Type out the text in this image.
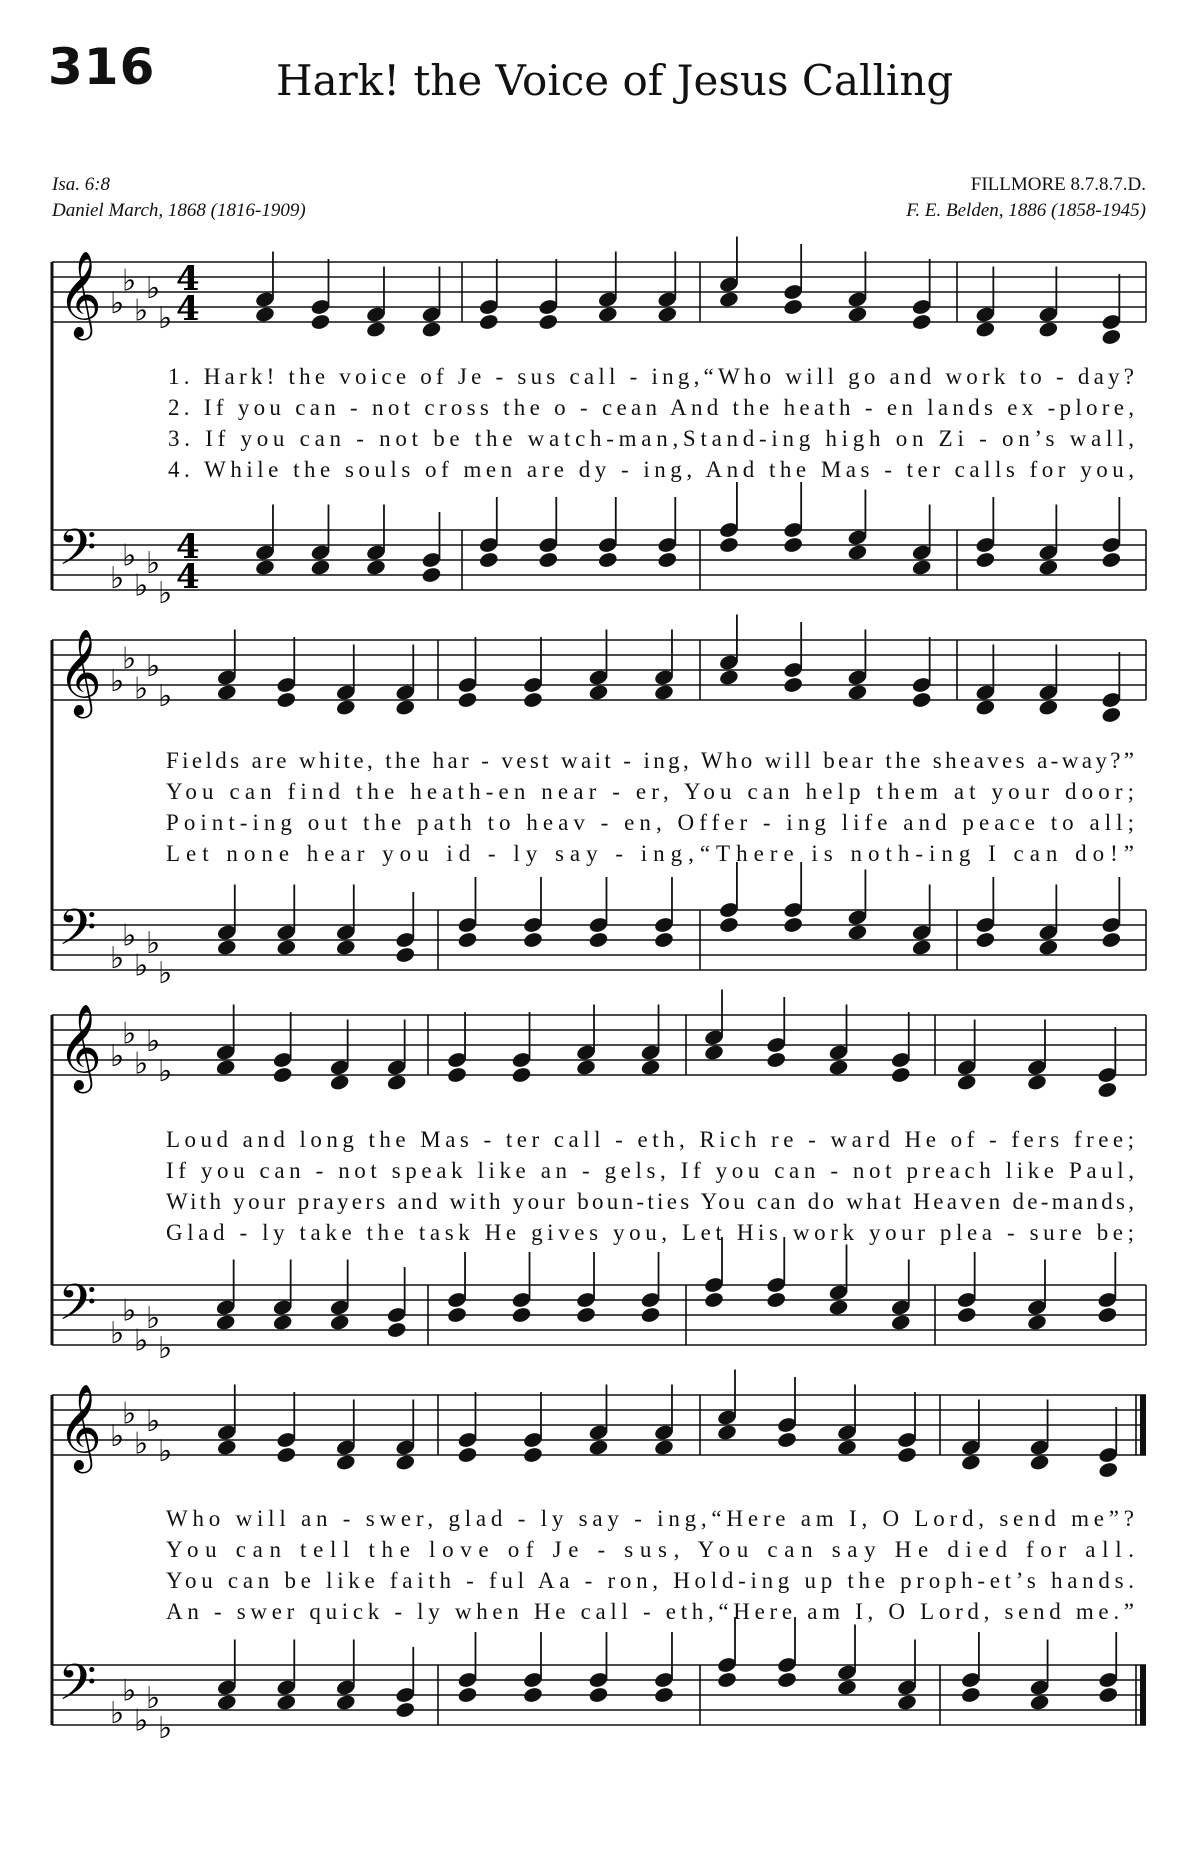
316	Hark! the Voice of Jesus Calling
Isa. 6:8
Daniel March, 1868 (1816-1909)
FILLMORE 8.7.8.7.D.
F. E. Belden, 1886 (1858-1945)
𝄞
𝄢
♭
♭
♭
♭
♭
♭
♭
♭
♭
♭
4
4
4
4
1. Hark! the voice of Je - sus call - ing,“Who will go and work to - day?
2. If you can - not cross the o - cean And the heath - en lands ex -plore,
3. If you can - not be the watch-man,Stand-ing high on Zi - on’s wall,
4. While the souls of men are dy - ing, And the Mas - ter calls for you,
𝄞
𝄢
♭
♭
♭
♭
♭
♭
♭
♭
♭
♭
Fields are white, the har - vest wait - ing, Who will bear the sheaves a-way?”
You can find the heath-en near - er, You can help them at your door;
Point-ing out the path to heav - en, Offer - ing life and peace to all;
Let none hear you id - ly say - ing,“There is noth-ing I can do!”
𝄞
𝄢
♭
♭
♭
♭
♭
♭
♭
♭
♭
♭
Loud and long the Mas - ter call - eth, Rich re - ward He of - fers free;
If you can - not speak like an - gels, If you can - not preach like Paul,
With your prayers and with your boun-ties You can do what Heaven de-mands,
Glad - ly take the task He gives you, Let His work your plea - sure be;
𝄞
𝄢
♭
♭
♭
♭
♭
♭
♭
♭
♭
♭
Who will an - swer, glad - ly say - ing,“Here am I, O Lord, send me”?
You can tell the love of Je - sus, You can say He died for all.
You can be like faith - ful Aa - ron, Hold-ing up the proph-et’s hands.
An - swer quick - ly when He call - eth,“Here am I, O Lord, send me.”
